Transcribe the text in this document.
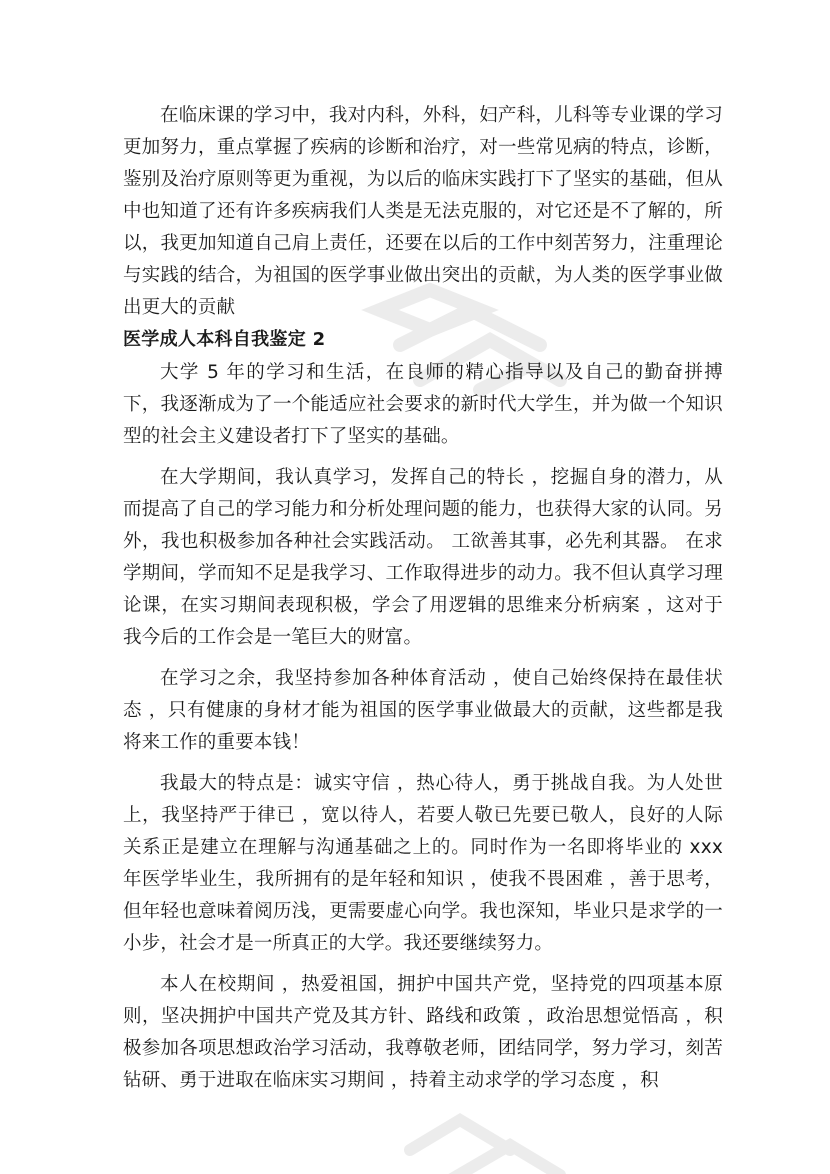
在临床课的学习中，我对内科，外科，妇产科，儿科等专业课的学习更加努力，重点掌握了疾病的诊断和治疗，对一些常见病的特点，诊断，鉴别及治疗原则等更为重视，为以后的临床实践打下了坚实的基础，但从中也知道了还有许多疾病我们人类是无法克服的，对它还是不了解的，所以，我更加知道自己肩上责任，还要在以后的工作中刻苦努力，注重理论与实践的结合，为祖国的医学事业做出突出的贡献，为人类的医学事业做出更大的贡献

医学成人本科自我鉴定 2

大学 5 年的学习和生活，在良师的精心指导以及自己的勤奋拼搏下，我逐渐成为了一个能适应社会要求的新时代大学生，并为做一个知识型的社会主义建设者打下了坚实的基础。

在大学期间，我认真学习，发挥自己的特长 ，挖掘自身的潜力，从而提高了自己的学习能力和分析处理问题的能力，也获得大家的认同。另外，我也积极参加各种社会实践活动。 工欲善其事，必先利其器。 在求学期间，学而知不足是我学习、工作取得进步的动力。我不但认真学习理论课，在实习期间表现积极，学会了用逻辑的思维来分析病案 ，这对于我今后的工作会是一笔巨大的财富。

在学习之余，我坚持参加各种体育活动 ，使自己始终保持在最佳状态 ，只有健康的身材才能为祖国的医学事业做最大的贡献，这些都是我将来工作的重要本钱！

我最大的特点是：诚实守信 ，热心待人，勇于挑战自我。为人处世上，我坚持严于律已 ，宽以待人，若要人敬已先要已敬人，良好的人际关系正是建立在理解与沟通基础之上的。同时作为一名即将毕业的 xxx 年医学毕业生，我所拥有的是年轻和知识 ，使我不畏困难 ，善于思考，但年轻也意味着阅历浅，更需要虚心向学。我也深知，毕业只是求学的一小步，社会才是一所真正的大学。我还要继续努力。

本人在校期间 ，热爱祖国，拥护中国共产党，坚持党的四项基本原则，坚决拥护中国共产党及其方针、路线和政策 ，政治思想觉悟高 ，积极参加各项思想政治学习活动，我尊敬老师，团结同学，努力学习，刻苦钻研、勇于进取在临床实习期间 ，持着主动求学的学习态度 ，积
